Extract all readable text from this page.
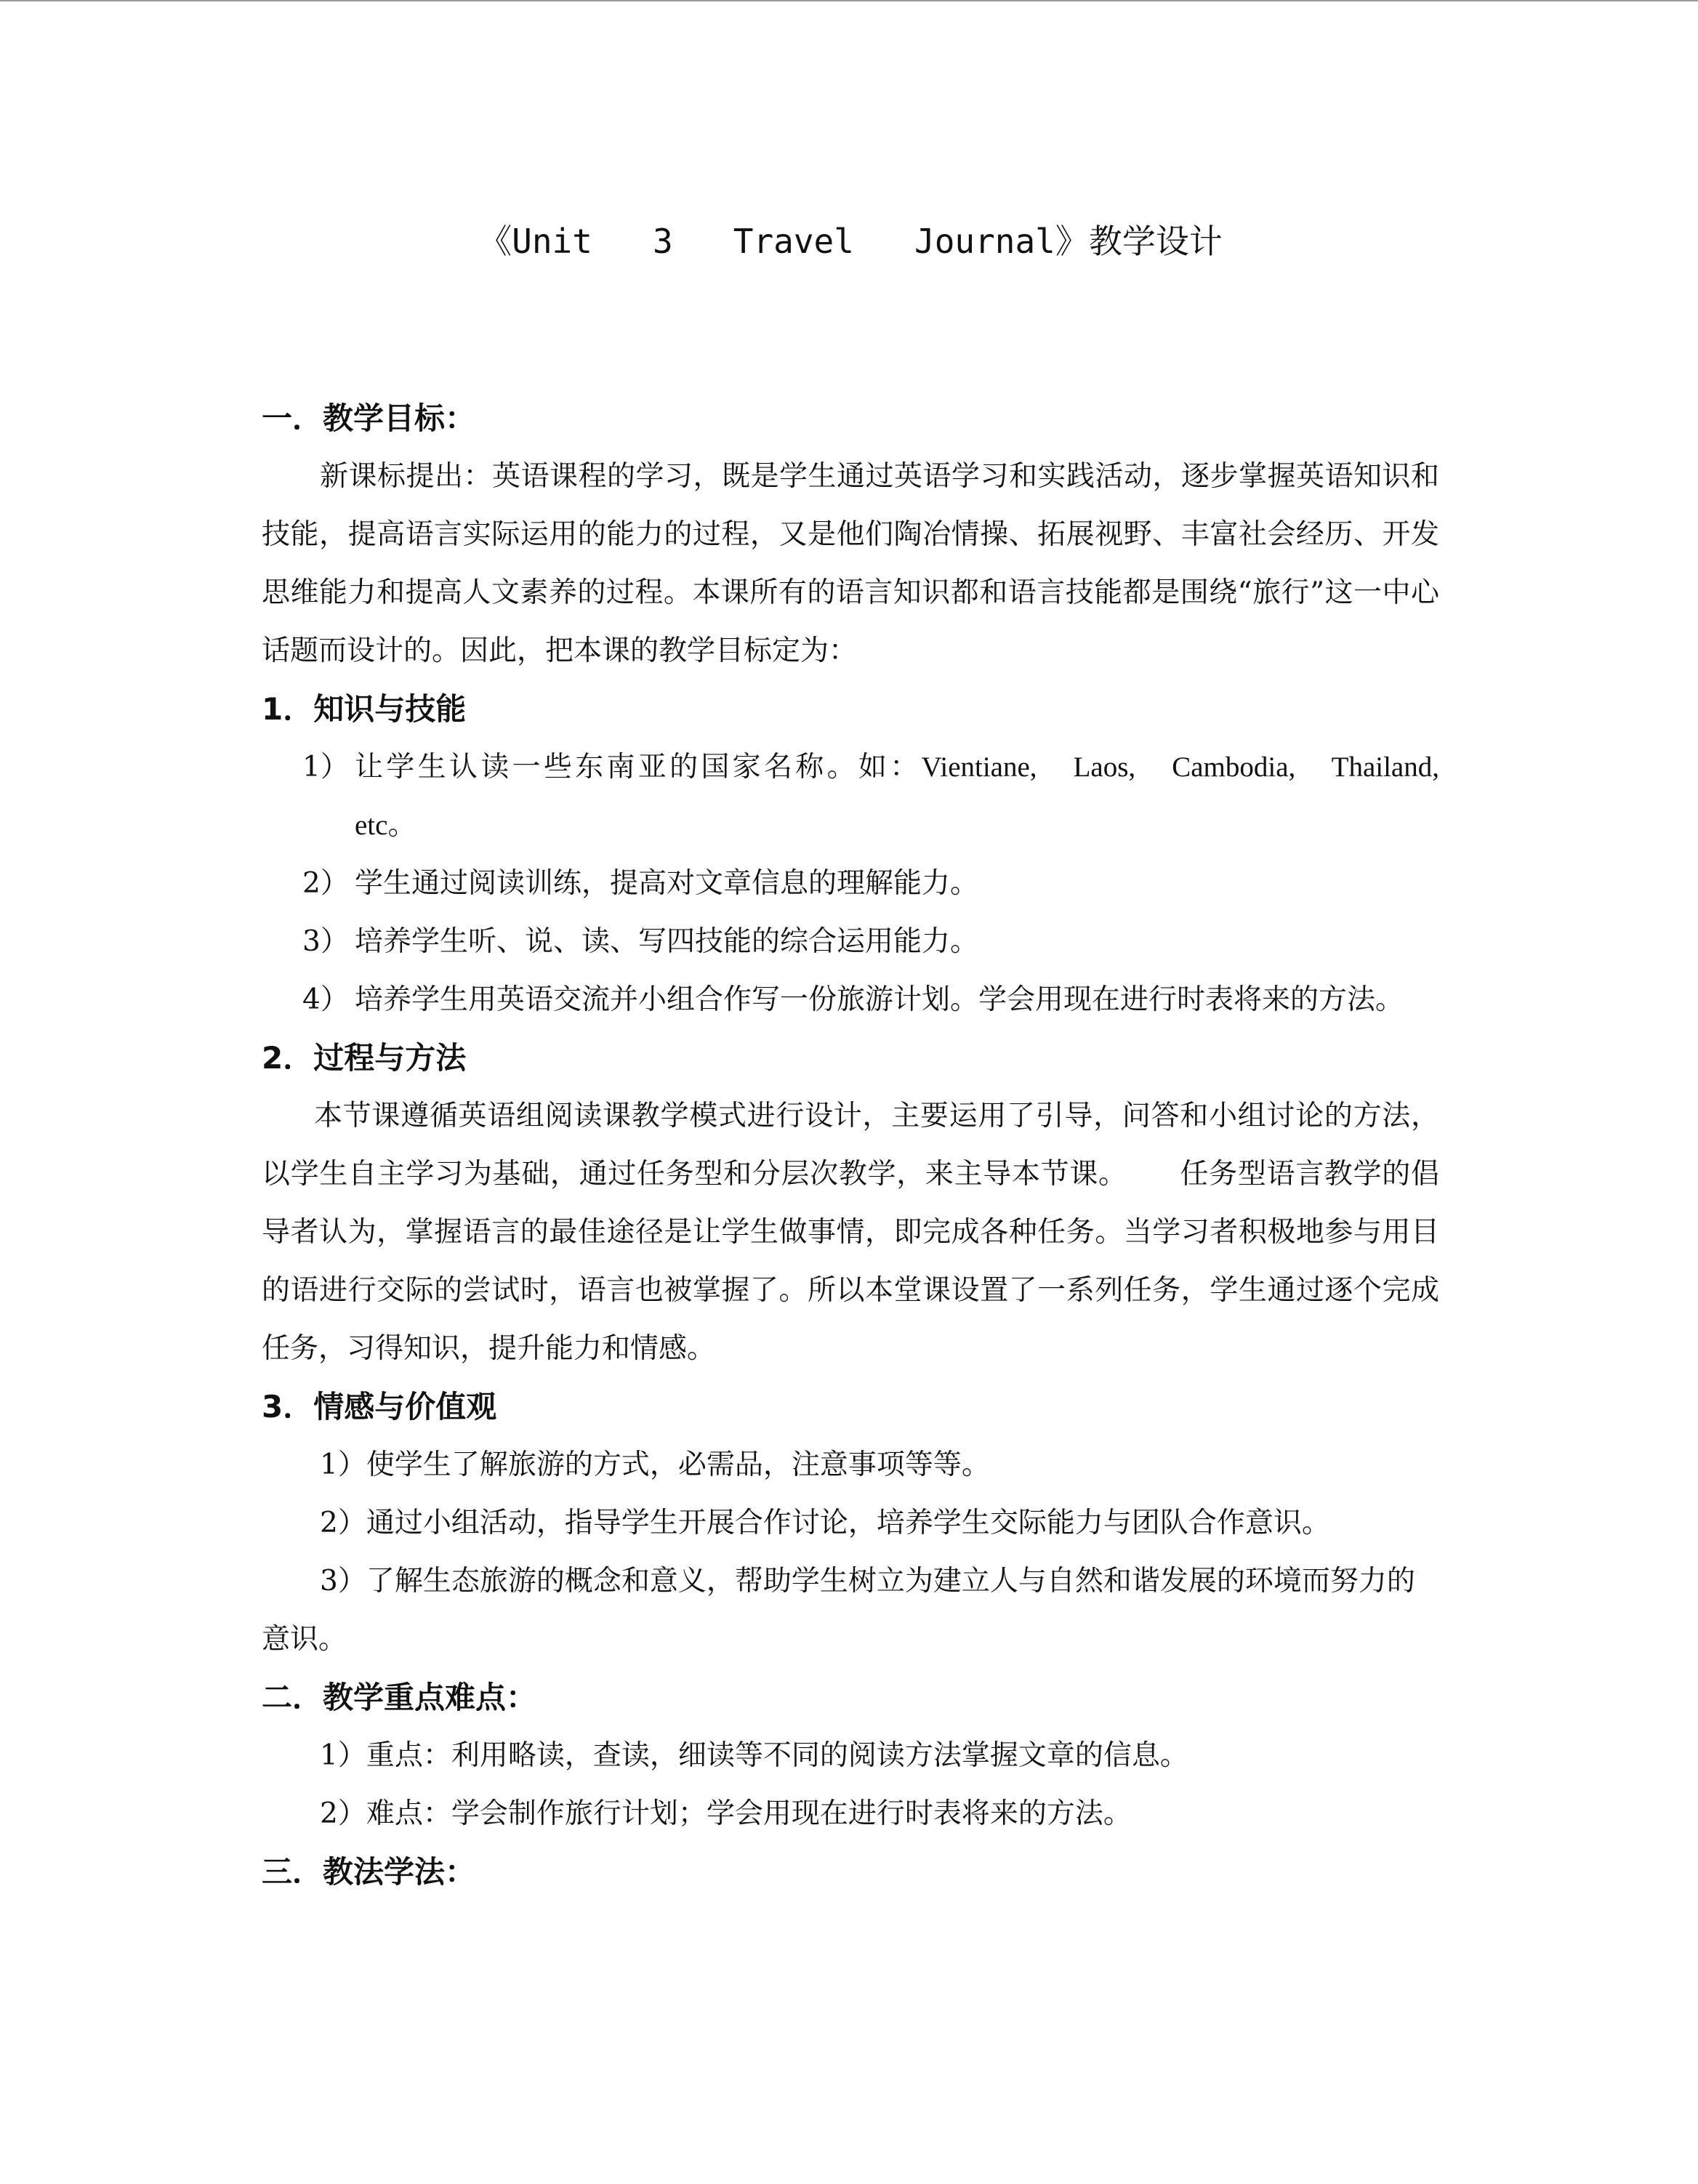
《Unit   3   Travel   Journal》教学设计
一．教学目标：

新课标提出：英语课程的学习，既是学生通过英语学习和实践活动，逐步掌握英语知识和技能，提高语言实际运用的能力的过程，又是他们陶冶情操、拓展视野、丰富社会经历、开发思维能力和提高人文素养的过程。本课所有的语言知识都和语言技能都是围绕“旅行”这一中心话题而设计的。因此，把本课的教学目标定为：

1．知识与技能

1） 让学生认读一些东南亚的国家名称。如：Vientiane, Laos, Cambodia, Thailand, etc。

2） 学生通过阅读训练，提高对文章信息的理解能力。

3） 培养学生听、说、读、写四技能的综合运用能力。

4） 培养学生用英语交流并小组合作写一份旅游计划。学会用现在进行时表将来的方法。

2．过程与方法

本节课遵循英语组阅读课教学模式进行设计，主要运用了引导，问答和小组讨论的方法，以学生自主学习为基础，通过任务型和分层次教学，来主导本节课。 任务型语言教学的倡导者认为，掌握语言的最佳途径是让学生做事情，即完成各种任务。当学习者积极地参与用目的语进行交际的尝试时，语言也被掌握了。所以本堂课设置了一系列任务，学生通过逐个完成任务，习得知识，提升能力和情感。

3．情感与价值观

1）使学生了解旅游的方式，必需品，注意事项等等。

2）通过小组活动，指导学生开展合作讨论，培养学生交际能力与团队合作意识。

3）了解生态旅游的概念和意义，帮助学生树立为建立人与自然和谐发展的环境而努力的意识。

二．教学重点难点：

1）重点：利用略读，查读，细读等不同的阅读方法掌握文章的信息。

2）难点：学会制作旅行计划；学会用现在进行时表将来的方法。

三．教法学法：
